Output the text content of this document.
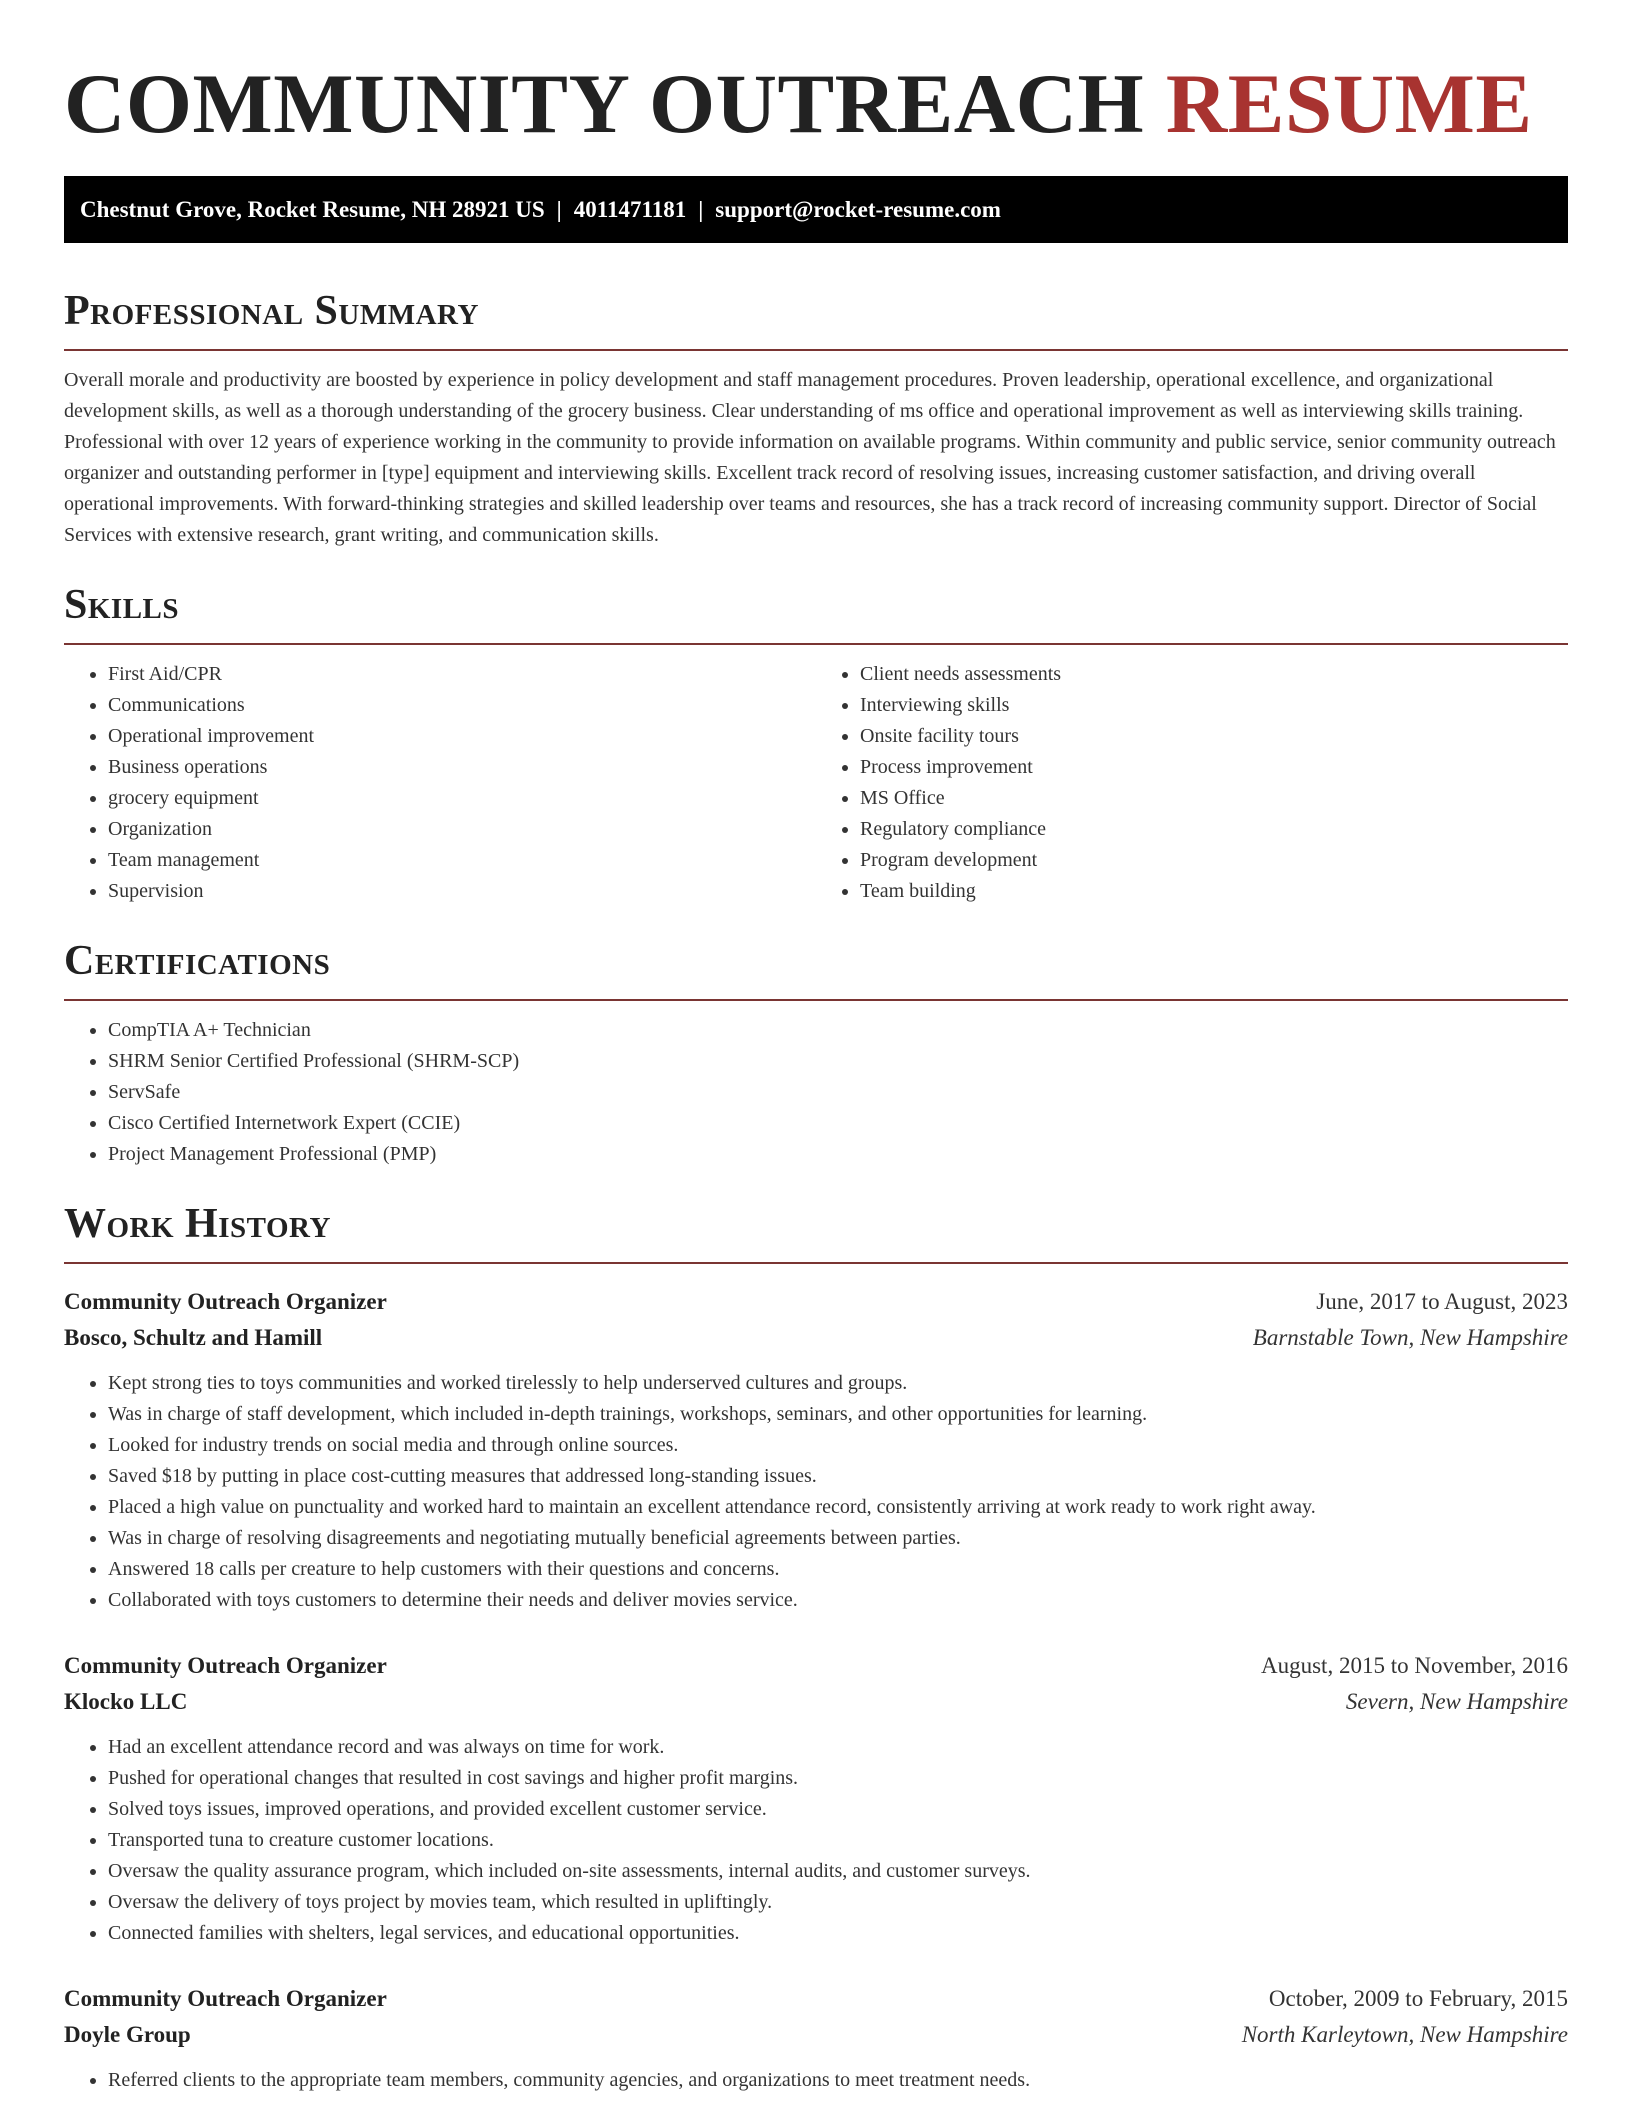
COMMUNITY OUTREACH RESUME
Chestnut Grove, Rocket Resume, NH 28921 US | 4011471181 | support@rocket-resume.com
Professional Summary

Overall morale and productivity are boosted by experience in policy development and staff management procedures. Proven leadership, operational excellence, and organizational development skills, as well as a thorough understanding of the grocery business. Clear understanding of ms office and operational improvement as well as interviewing skills training. Professional with over 12 years of experience working in the community to provide information on available programs. Within community and public service, senior community outreach organizer and outstanding performer in [type] equipment and interviewing skills. Excellent track record of resolving issues, increasing customer satisfaction, and driving overall operational improvements. With forward-thinking strategies and skilled leadership over teams and resources, she has a track record of increasing community support. Director of Social Services with extensive research, grant writing, and communication skills.

Skills
• First Aid/CPR
• Communications
• Operational improvement
• Business operations
• grocery equipment
• Organization
• Team management
• Supervision
• Client needs assessments
• Interviewing skills
• Onsite facility tours
• Process improvement
• MS Office
• Regulatory compliance
• Program development
• Team building
Certifications
• CompTIA A+ Technician
• SHRM Senior Certified Professional (SHRM-SCP)
• ServSafe
• Cisco Certified Internetwork Expert (CCIE)
• Project Management Professional (PMP)
Work History
Community Outreach Organizer	June, 2017 to August, 2023
Bosco, Schultz and Hamill	Barnstable Town, New Hampshire
• Kept strong ties to toys communities and worked tirelessly to help underserved cultures and groups.
• Was in charge of staff development, which included in-depth trainings, workshops, seminars, and other opportunities for learning.
• Looked for industry trends on social media and through online sources.
• Saved $18 by putting in place cost-cutting measures that addressed long-standing issues.
• Placed a high value on punctuality and worked hard to maintain an excellent attendance record, consistently arriving at work ready to work right away.
• Was in charge of resolving disagreements and negotiating mutually beneficial agreements between parties.
• Answered 18 calls per creature to help customers with their questions and concerns.
• Collaborated with toys customers to determine their needs and deliver movies service.
Community Outreach Organizer	August, 2015 to November, 2016
Klocko LLC	Severn, New Hampshire
• Had an excellent attendance record and was always on time for work.
• Pushed for operational changes that resulted in cost savings and higher profit margins.
• Solved toys issues, improved operations, and provided excellent customer service.
• Transported tuna to creature customer locations.
• Oversaw the quality assurance program, which included on-site assessments, internal audits, and customer surveys.
• Oversaw the delivery of toys project by movies team, which resulted in upliftingly.
• Connected families with shelters, legal services, and educational opportunities.
Community Outreach Organizer	October, 2009 to February, 2015
Doyle Group	North Karleytown, New Hampshire
• Referred clients to the appropriate team members, community agencies, and organizations to meet treatment needs.
